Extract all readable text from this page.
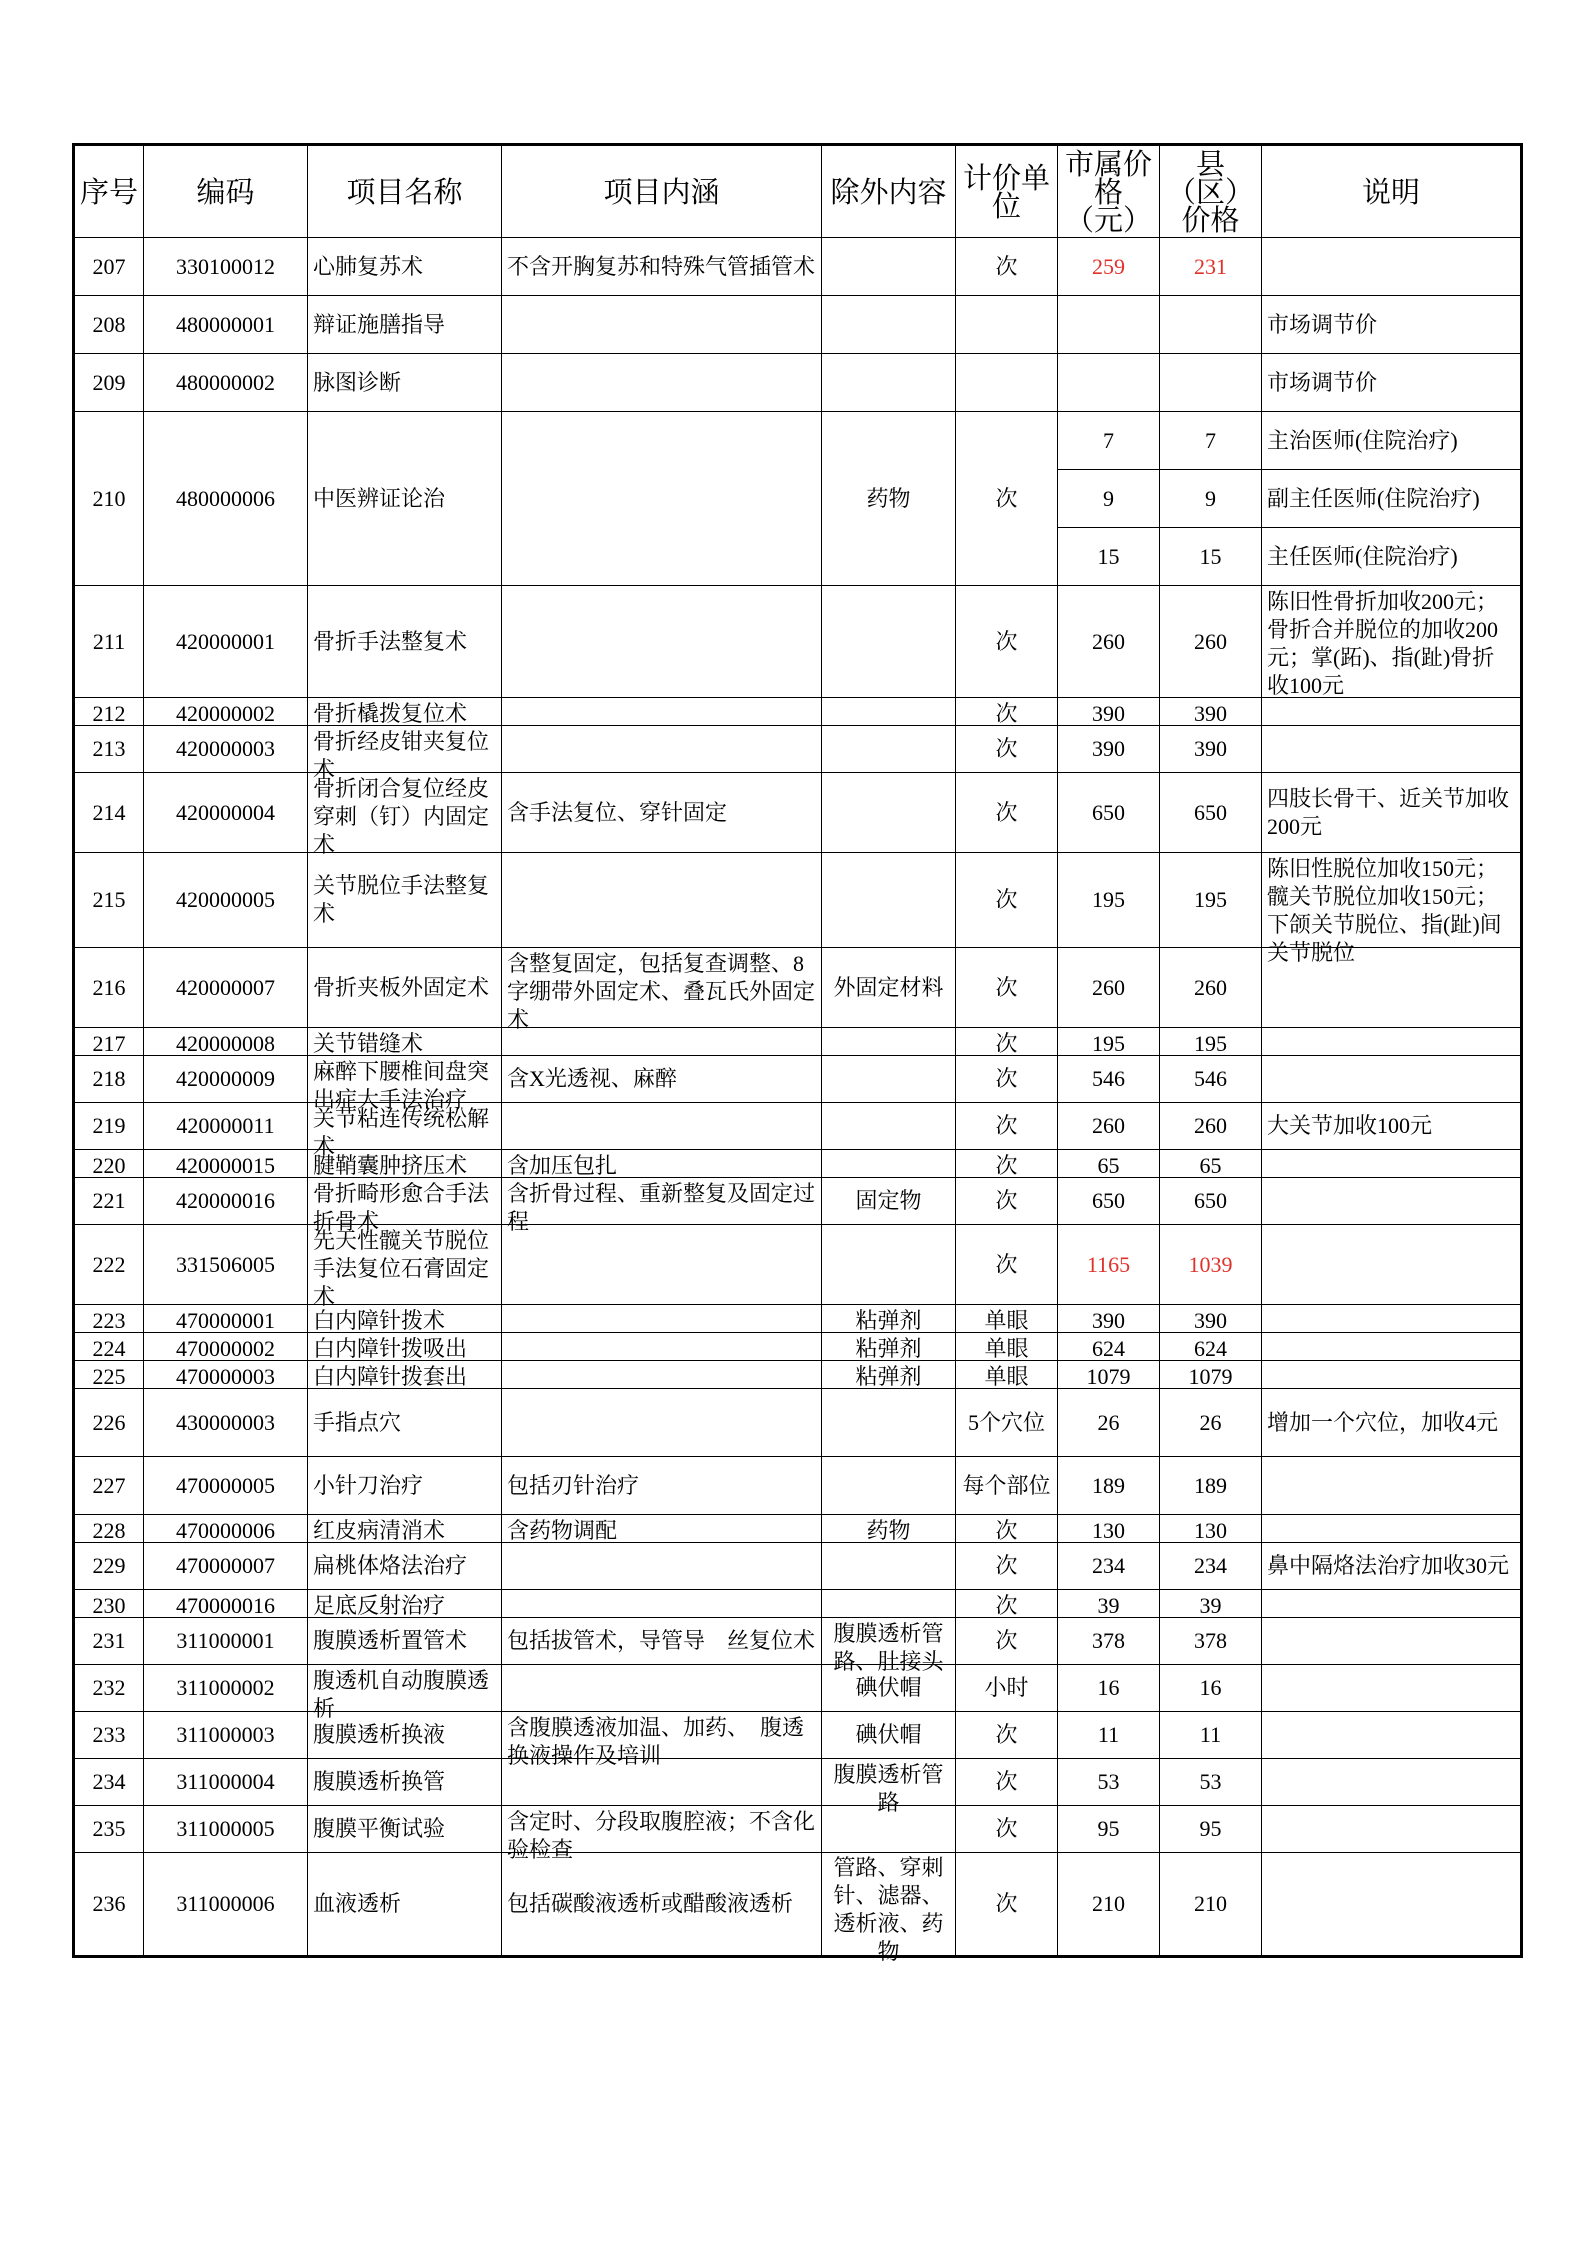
序号	编码	项目名称	项目内涵	除外内容	计价单位	市属价格（元）	县（区）价格	说明

207	330100012	心肺复苏术	不含开胸复苏和特殊气管插管术		次	259	231	

208	480000001	辩证施膳指导						市场调节价

209	480000002	脉图诊断						市场调节价

210	480000006	中医辨证论治		药物	次	7	7	主治医师(住院治疗)

						9	9	副主任医师(住院治疗)

						15	15	主任医师(住院治疗)

211	420000001	骨折手法整复术			次	260	260	陈旧性骨折加收200元；骨折合并脱位的加收200元；掌(跖)、指(趾)骨折收100元

212	420000002	骨折橇拨复位术			次	390	390	

213	420000003	骨折经皮钳夹复位术			次	390	390	

214	420000004	骨折闭合复位经皮穿刺（钉）内固定术	含手法复位、穿针固定		次	650	650	四肢长骨干、近关节加收200元

215	420000005	关节脱位手法整复术			次	195	195	陈旧性脱位加收150元；髋关节脱位加收150元；下颌关节脱位、指(趾)间关节脱位

216	420000007	骨折夹板外固定术	含整复固定，包括复查调整、8字绷带外固定术、叠瓦氏外固定术	外固定材料	次	260	260	

217	420000008	关节错缝术			次	195	195	

218	420000009	麻醉下腰椎间盘突出症大手法治疗	含X光透视、麻醉		次	546	546	

219	420000011	关节粘连传统松解术			次	260	260	大关节加收100元

220	420000015	腱鞘囊肿挤压术	含加压包扎		次	65	65	

221	420000016	骨折畸形愈合手法折骨术	含折骨过程、重新整复及固定过程	固定物	次	650	650	

222	331506005	先天性髋关节脱位手法复位石膏固定术			次	1165	1039	

223	470000001	白内障针拨术		粘弹剂	单眼	390	390	

224	470000002	白内障针拨吸出		粘弹剂	单眼	624	624	

225	470000003	白内障针拨套出		粘弹剂	单眼	1079	1079	

226	430000003	手指点穴			5个穴位	26	26	增加一个穴位，加收4元

227	470000005	小针刀治疗	包括刃针治疗		每个部位	189	189	

228	470000006	红皮病清消术	含药物调配	药物	次	130	130	

229	470000007	扁桃体烙法治疗			次	234	234	鼻中隔烙法治疗加收30元

230	470000016	足底反射治疗			次	39	39	

231	311000001	腹膜透析置管术	包括拔管术，导管导　丝复位术	腹膜透析管路、肚接头	次	378	378	

232	311000002	腹透机自动腹膜透析		碘伏帽	小时	16	16	

233	311000003	腹膜透析换液	含腹膜透液加温、加药、　腹透换液操作及培训	碘伏帽	次	11	11	

234	311000004	腹膜透析换管		腹膜透析管路	次	53	53	

235	311000005	腹膜平衡试验	含定时、分段取腹腔液；不含化验检查		次	95	95	

236	311000006	血液透析	包括碳酸液透析或醋酸液透析	管路、穿刺针、滤器、透析液、药物	次	210	210	
